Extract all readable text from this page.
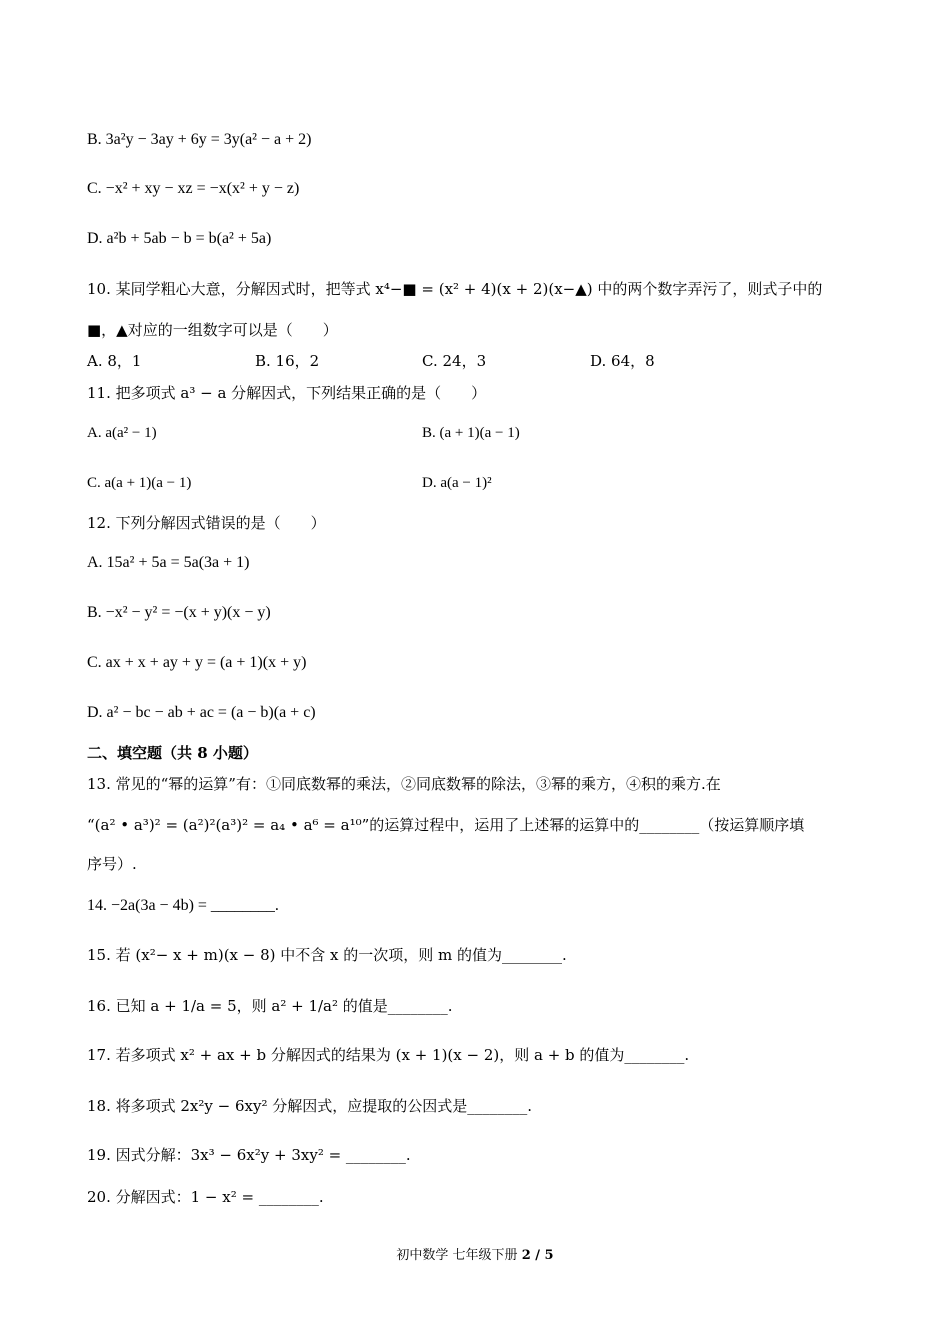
B. 3a²y − 3ay + 6y = 3y(a² − a + 2)
C. −x² + xy − xz = −x(x² + y − z)
D. a²b + 5ab − b = b(a² + 5a)
10. 某同学粗心大意，分解因式时，把等式 x⁴−■ = (x² + 4)(x + 2)(x−▲) 中的两个数字弄污了，则式子中的
■，▲对应的一组数字可以是（　　）
A. 8，1	B. 16，2	C. 24，3	D. 64，8
11. 把多项式 a³ − a 分解因式，下列结果正确的是（　　）
A. a(a² − 1)	B. (a + 1)(a − 1)
C. a(a + 1)(a − 1)	D. a(a − 1)²
12. 下列分解因式错误的是（　　）
A. 15a² + 5a = 5a(3a + 1)
B. −x² − y² = −(x + y)(x − y)
C. ax + x + ay + y = (a + 1)(x + y)
D. a² − bc − ab + ac = (a − b)(a + c)
二、填空题（共 8 小题）
13. 常见的“幂的运算”有：①同底数幂的乘法，②同底数幂的除法，③幂的乘方，④积的乘方.在
“(a² • a³)² = (a²)²(a³)² = a₄ • a⁶ = a¹⁰”的运算过程中，运用了上述幂的运算中的________（按运算顺序填
序号）.
14. −2a(3a − 4b) = ________.
15. 若 (x²− x + m)(x − 8) 中不含 x 的一次项，则 m 的值为________.
16. 已知 a + 1/a = 5，则 a² + 1/a² 的值是________.
17. 若多项式 x² + ax + b 分解因式的结果为 (x + 1)(x − 2)，则 a + b 的值为________.
18. 将多项式 2x²y − 6xy² 分解因式，应提取的公因式是________.
19. 因式分解：3x³ − 6x²y + 3xy² = ________.
20. 分解因式：1 − x² = ________.
初中数学 七年级下册 2 / 5
